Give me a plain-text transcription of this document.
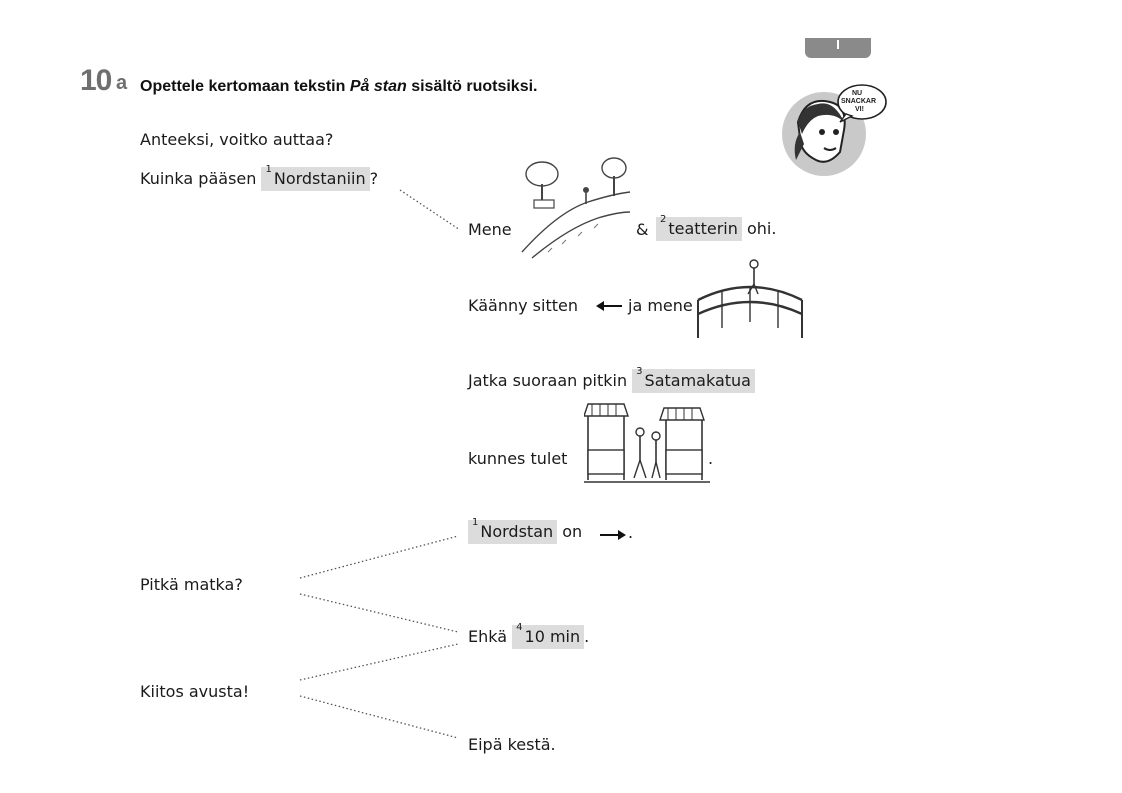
10 a Opettele kertomaan tekstin På stan sisältö ruotsiksi.	NU
SNACKAR
VI!
Anteeksi, voitko auttaa?
Kuinka pääsen $^1$ Nordstaniin ?
Pitkä matka?
Kiitos avusta!
Mene	&
$^2$ teatterin ohi.
Käänny sitten	ja mene
Jatka suoraan pitkin $^3$ Satamakatua
kunnes tulet	.
$^1$ Nordstan on	.
Ehkä $^4$ 10 min .
Eipä kestä.
